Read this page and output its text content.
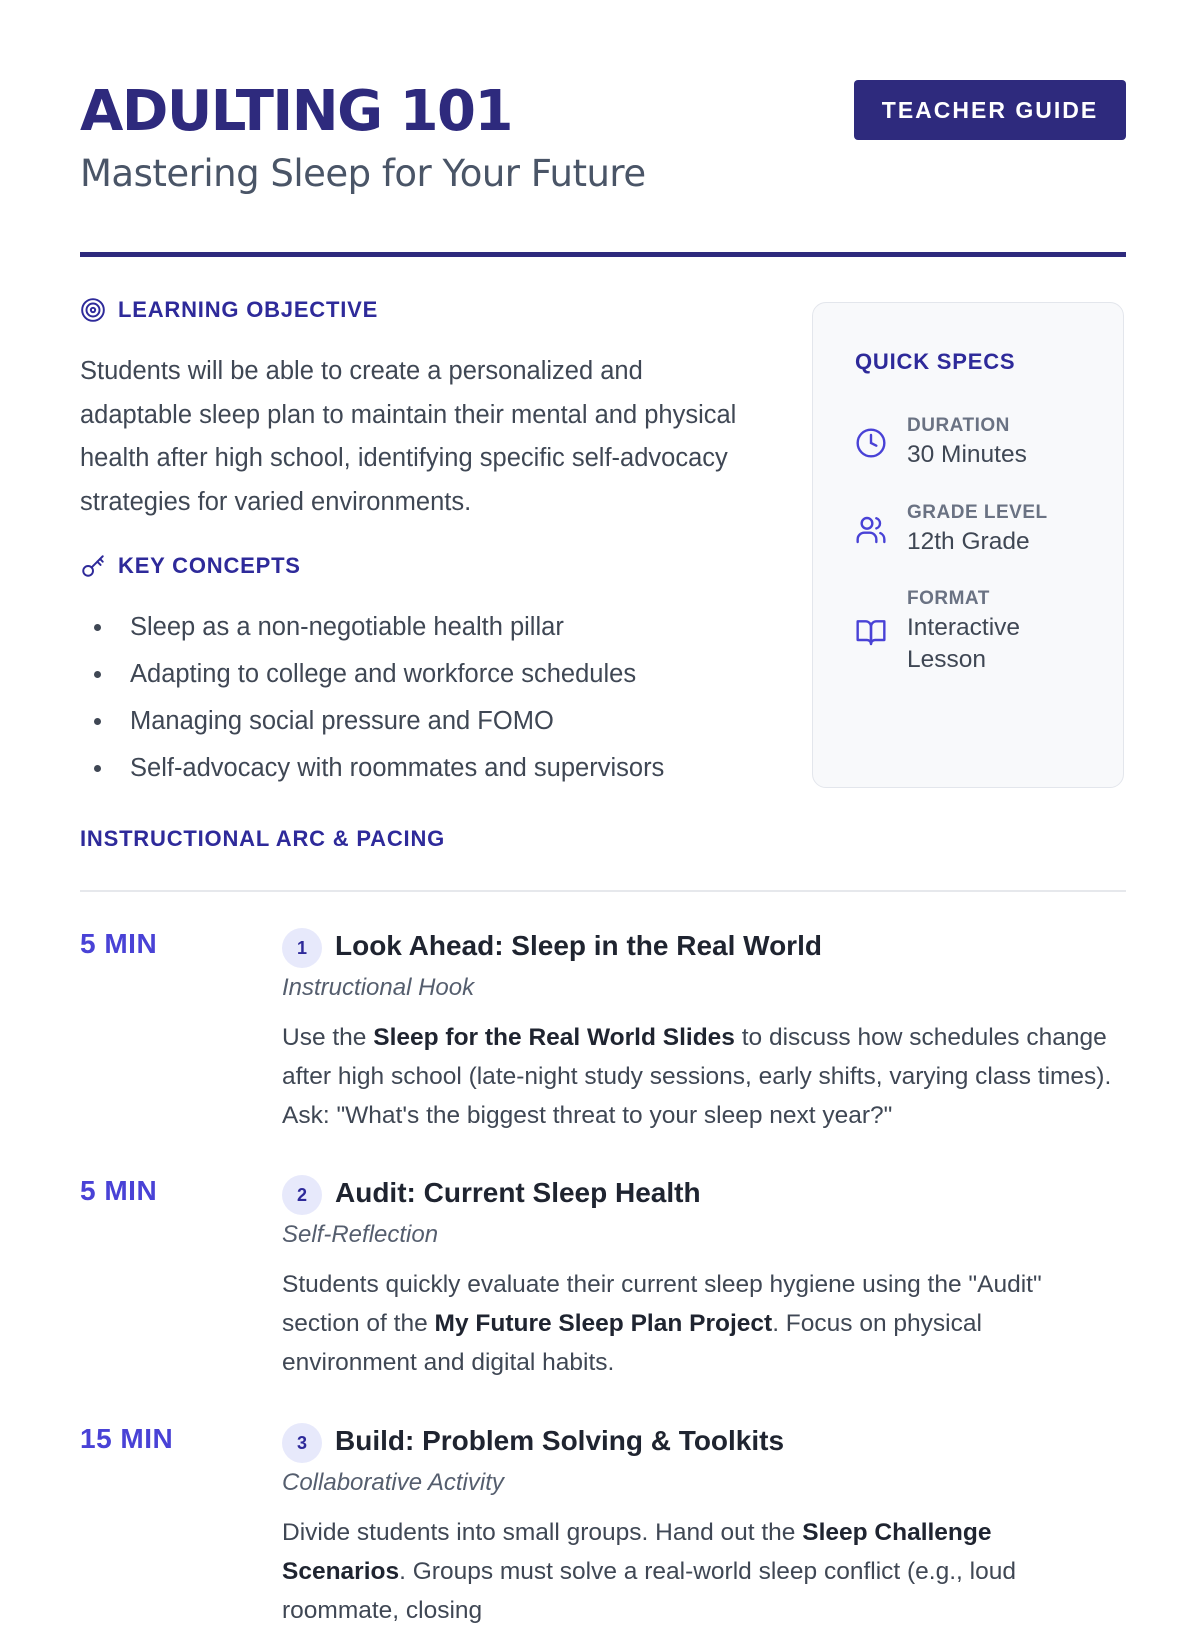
ADULTING 101
Mastering Sleep for Your Future
TEACHER GUIDE
LEARNING OBJECTIVE

Students will be able to create a personalized and adaptable sleep plan to maintain their mental and physical health after high school, identifying specific self-advocacy strategies for varied environments.

KEY CONCEPTS
Sleep as a non-negotiable health pillar
Adapting to college and workforce schedules
Managing social pressure and FOMO
Self-advocacy with roommates and supervisors
QUICK SPECS
DURATION
30 Minutes
GRADE LEVEL
12th Grade
FORMAT
Interactive Lesson
INSTRUCTIONAL ARC & PACING
5 MIN	1	Look Ahead: Sleep in the Real World
Instructional Hook

Use the Sleep for the Real World Slides to discuss how schedules change after high school (late-night study sessions, early shifts, varying class times). Ask: "What's the biggest threat to your sleep next year?"

5 MIN	2	Audit: Current Sleep Health
Self-Reflection

Students quickly evaluate their current sleep hygiene using the "Audit" section of the My Future Sleep Plan Project. Focus on physical environment and digital habits.

15 MIN	3	Build: Problem Solving & Toolkits
Collaborative Activity

Divide students into small groups. Hand out the Sleep Challenge Scenarios. Groups must solve a real-world sleep conflict (e.g., loud roommate, closing
